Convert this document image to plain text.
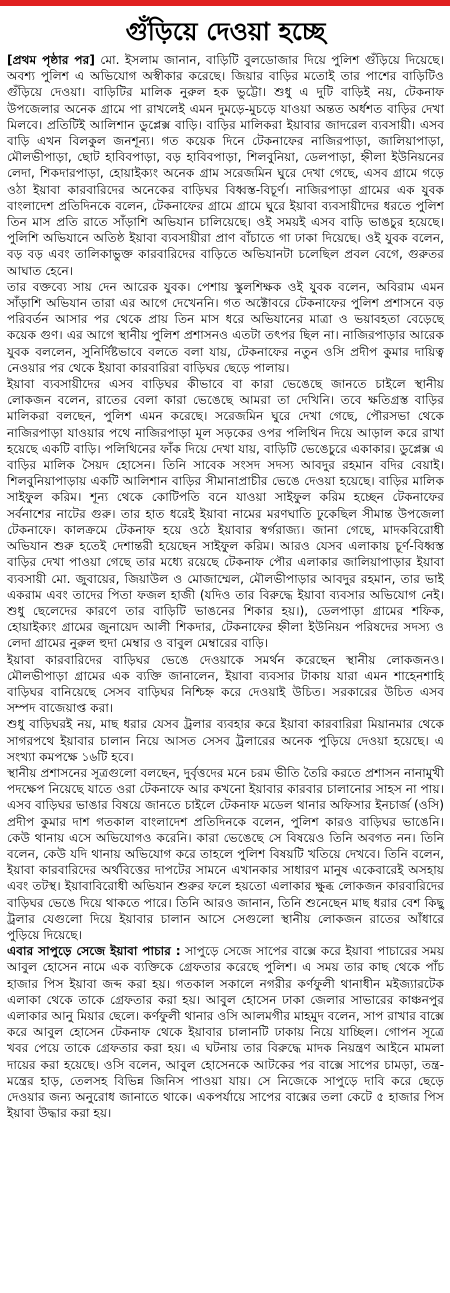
গুঁড়িয়ে দেওয়া হচ্ছে

[প্রথম পৃষ্ঠার পর] মো. ইসলাম জানান, বাড়িটি বুলডোজার দিয়ে পুলিশ গুঁড়িয়ে দিয়েছে। অবশ্য পুলিশ এ অভিযোগ অস্বীকার করেছে। জিয়ার বাড়ির মতোই তার পাশের বাড়িটিও গুঁড়িয়ে দেওয়া। বাড়িটির মালিক নুরুল হক ভুট্টো। শুধু এ দুটি বাড়িই নয়, টেকনাফ উপজেলার অনেক গ্রামে পা রাখলেই এমন দুমড়ে-মুচড়ে যাওয়া অন্তত অর্ধশত বাড়ির দেখা মিলবে। প্রতিটিই আলিশান ডুপ্লেক্স বাড়ি। বাড়ির মালিকরা ইয়াবার জাদরেল ব্যবসায়ী। এসব বাড়ি এখন বিলকুল জনশূন্য। গত কয়েক দিনে টেকনাফের নাজিরপাড়া, জালিয়াপাড়া, মৌলভীপাড়া, ছোট হাবিবপাড়া, বড় হাবিবপাড়া, শিলবুনিয়া, ডেলপাড়া, হ্নীলা ইউনিয়নের লেদা, শিকদারপাড়া, হোয়াইক্যং অনেক গ্রাম সরেজমিন ঘুরে দেখা গেছে, এসব গ্রামে গড়ে ওঠা ইয়াবা কারবারিদের অনেকের বাড়িঘর বিধ্বস্ত-বিচূর্ণ। নাজিরপাড়া গ্রামের এক যুবক বাংলাদেশ প্রতিদিনকে বলেন, টেকনাফের গ্রামে গ্রামে ঘুরে ইয়াবা ব্যবসায়ীদের ধরতে পুলিশ তিন মাস প্রতি রাতে সাঁড়াশি অভিযান চালিয়েছে। ওই সময়ই এসব বাড়ি ভাঙচুর হয়েছে। পুলিশি অভিযানে অতিষ্ঠ ইয়াবা ব্যবসায়ীরা প্রাণ বাঁচাতে গা ঢাকা দিয়েছে। ওই যুবক বলেন, বড় বড় এবং তালিকাভুক্ত কারবারিদের বাড়িতে অভিযানটা চলেছিল প্রবল বেগে, গুরুতর আঘাত হেনে।

তার বক্তব্যে সায় দেন আরেক যুবক। পেশায় স্কুলশিক্ষক ওই যুবক বলেন, অবিরাম এমন সাঁড়াশি অভিযান তারা এর আগে দেখেননি। গত অক্টোবরে টেকনাফের পুলিশ প্রশাসনে বড় পরিবর্তন আসার পর থেকে প্রায় তিন মাস ধরে অভিযানের মাত্রা ও ভয়াবহতা বেড়েছে কয়েক গুণ। এর আগে স্থানীয় পুলিশ প্রশাসনও এতটা তৎপর ছিল না। নাজিরপাড়ার আরেক যুবক বললেন, সুনির্দিষ্টভাবে বলতে বলা যায়, টেকনাফের নতুন ওসি প্রদীপ কুমার দায়িত্ব নেওয়ার পর থেকে ইয়াবা কারবারিরা বাড়িঘর ছেড়ে পালায়।

ইয়াবা ব্যবসায়ীদের এসব বাড়িঘর কীভাবে বা কারা ভেঙেছে জানতে চাইলে স্থানীয় লোকজন বলেন, রাতের বেলা কারা ভেঙেছে আমরা তা দেখিনি। তবে ক্ষতিগ্রস্ত বাড়ির মালিকরা বলছেন, পুলিশ এমন করেছে। সরেজমিন ঘুরে দেখা গেছে, পৌরসভা থেকে নাজিরপাড়া যাওয়ার পথে নাজিরপাড়া মূল সড়কের ওপর পলিথিন দিয়ে আড়াল করে রাখা হয়েছে একটি বাড়ি। পলিথিনের ফাঁক দিয়ে দেখা যায়, বাড়িটি ভেঙেচুরে একাকার। ডুপ্লেক্স এ বাড়ির মালিক সৈয়দ হোসেন। তিনি সাবেক সংসদ সদস্য আবদুর রহমান বদির বেয়াই। শিলবুনিয়াপাড়ায় একটি আলিশান বাড়ির সীমানাপ্রাচীর ভেঙে দেওয়া হয়েছে। বাড়ির মালিক সাইফুল করিম। শূন্য থেকে কোটিপতি বনে যাওয়া সাইফুল করিম হচ্ছেন টেকনাফের সর্বনাশের নাটের গুরু। তার হাত ধরেই ইয়াবা নামের মরণঘাতি ঢুকেছিল সীমান্ত উপজেলা টেকনাফে। কালক্রমে টেকনাফ হয়ে ওঠে ইয়াবার স্বর্গরাজ্য। জানা গেছে, মাদকবিরোধী অভিযান শুরু হতেই দেশান্তরী হয়েছেন সাইফুল করিম। আর‌ও যেসব এলাকায় চূর্ণ-বিধ্বস্ত বাড়ির দেখা পাওয়া গেছে তার মধ্যে রয়েছে টেকনাফ পৌর এলাকার জালিয়াপাড়ার ইয়াবা ব্যবসায়ী মো. জুবায়ের, জিয়াউল ও মোজাম্মেল, মৌলভীপাড়ার আবদুর রহমান, তার ভাই একরাম এবং তাদের পিতা ফজল হাজী (যদিও তার বিরুদ্ধে ইয়াবা ব্যবসার অভিযোগ নেই। শুধু ছেলেদের কারণে তার বাড়িটি ভাঙনের শিকার হয়।), ডেলপাড়া গ্রামের শফিক, হোয়াইক্যং গ্রামের জুনায়েদ আলী শিকদার, টেকনাফের হ্নীলা ইউনিয়ন পরিষদের সদস্য ও লেদা গ্রামের নুরুল হুদা মেম্বার ও বাবুল মেম্বারের বাড়ি।

ইয়াবা কারবারিদের বাড়িঘর ভেঙে দেওয়াকে সমর্থন করেছেন স্থানীয় লোকজনও। মৌলভীপাড়া গ্রামের এক ব্যক্তি জানালেন, ইয়াবা ব্যবসার টাকায় যারা এমন শাহেনশাহি বাড়িঘর বানিয়েছে সেসব বাড়িঘর নিশ্চিহ্ন করে দেওয়াই উচিত। সরকারের উচিত এসব সম্পদ বাজেয়াপ্ত করা।

শুধু বাড়িঘরই নয়, মাছ ধরার যেসব ট্রলার ব্যবহার করে ইয়াবা কারবারিরা মিয়ানমার থেকে সাগরপথে ইয়াবার চালান নিয়ে আসত সেসব ট্রলারের অনেক পুড়িয়ে দেওয়া হয়েছে। এ সংখ্যা কমপক্ষে ১৬টি হবে।

স্থানীয় প্রশাসনের সূত্রগুলো বলছেন, দুর্বৃত্তদের মনে চরম ভীতি তৈরি করতে প্রশাসন নানামুখী পদক্ষেপ নিয়েছে যাতে ওরা টেকনাফে আর কখনো ইয়াবার কারবার চালানোর সাহস না পায়। এসব বাড়িঘর ভাঙার বিষয়ে জানতে চাইলে টেকনাফ মডেল থানার অফিসার ইনচার্জ (ওসি) প্রদীপ কুমার দাশ গতকাল বাংলাদেশ প্রতিদিনকে বলেন, পুলিশ কারও বাড়িঘর ভাঙেনি। কেউ থানায় এসে অভিযোগও করেনি। কারা ভেঙেছে সে বিষয়েও তিনি অবগত নন। তিনি বলেন, কেউ যদি থানায় অভিযোগ করে তাহলে পুলিশ বিষয়টি খতিয়ে দেখবে। তিনি বলেন, ইয়াবা কারবারিদের অর্থবিত্তের দাপটের সামনে এখানকার সাধারণ মানুষ একেবারেই অসহায় এবং তটস্থ। ইয়াবাবিরোধী অভিযান শুরুর ফলে হয়তো এলাকার ক্ষুব্ধ লোকজন কারবারিদের বাড়িঘর ভেঙে দিয়ে থাকতে পারে। তিনি আরও জানান, তিনি শুনেছেন মাছ ধরার বেশ কিছু ট্রলার যেগুলো দিয়ে ইয়াবার চালান আসে সেগুলো স্থানীয় লোকজন রাতের আঁধারে পুড়িয়ে দিয়েছে।

এবার সাপুড়ে সেজে ইয়াবা পাচার : সাপুড়ে সেজে সাপের বাক্সে করে ইয়াবা পাচারের সময় আবুল হোসেন নামে এক ব্যক্তিকে গ্রেফতার করেছে পুলিশ। এ সময় তার কাছ থেকে পাঁচ হাজার পিস ইয়াবা জব্দ করা হয়। গতকাল সকালে নগরীর কর্ণফুলী থানাধীন মইজ্যারটেক এলাকা থেকে তাকে গ্রেফতার করা হয়। আবুল হোসেন ঢাকা জেলার সাভারের কাঞ্চনপুর এলাকার আনু মিয়ার ছেলে। কর্ণফুলী থানার ওসি আলমগীর মাহমুদ বলেন, সাপ রাখার বাক্সে করে আবুল হোসেন টেকনাফ থেকে ইয়াবার চালানটি ঢাকায় নিয়ে যাচ্ছিল। গোপন সূত্রে খবর পেয়ে তাকে গ্রেফতার করা হয়। এ ঘটনায় তার বিরুদ্ধে মাদক নিয়ন্ত্রণ আইনে মামলা দায়ের করা হয়েছে। ওসি বলেন, আবুল হোসেনকে আটকের পর বাক্সে সাপের চামড়া, তন্ত্র-মন্ত্রের হাড়, তেলসহ বিভিন্ন জিনিস পাওয়া যায়। সে নিজেকে সাপুড়ে দাবি করে ছেড়ে দেওয়ার জন্য অনুরোধ জানাতে থাকে। একপর্যায়ে সাপের বাক্সের তলা কেটে ৫ হাজার পিস ইয়াবা উদ্ধার করা হয়।
